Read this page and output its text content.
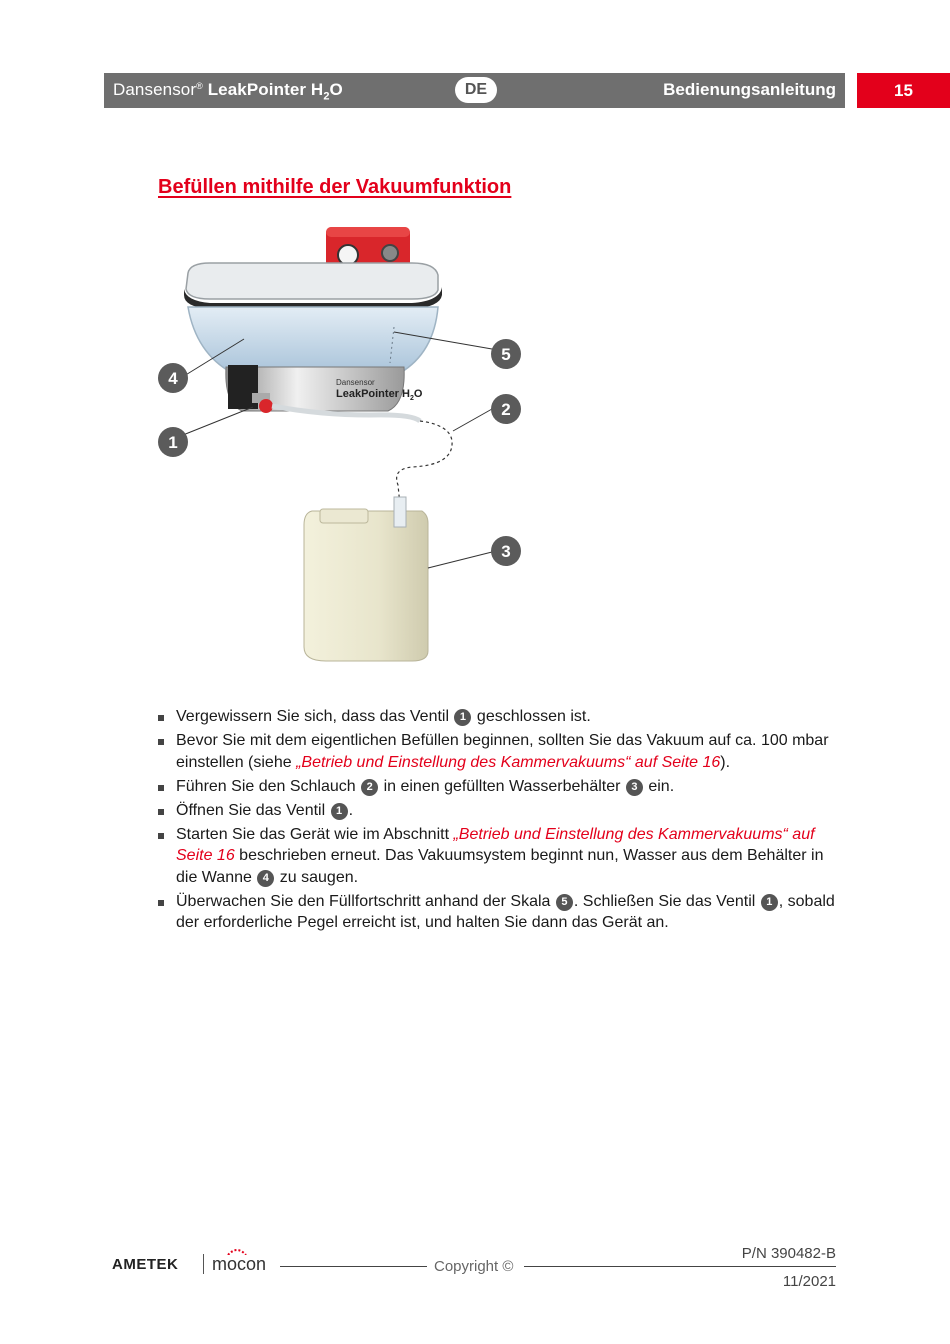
Dansensor® LeakPointer $H_2O$	DE	Bedienungsanleitung	15
Befüllen mithilfe der Vakuumfunktion
Dansensor
LeakPointer $H_2O$
1
2
3
4
5
Vergewissern Sie sich, dass das Ventil 1 geschlossen ist.
Bevor Sie mit dem eigentlichen Befüllen beginnen, sollten Sie das Vakuum auf ca. 100 mbar einstellen (siehe „Betrieb und Einstellung des Kammervakuums“ auf Seite 16).
Führen Sie den Schlauch 2 in einen gefüllten Wasserbehälter 3 ein.
Öffnen Sie das Ventil 1 .
Starten Sie das Gerät wie im Abschnitt „Betrieb und Einstellung des Kammervakuums“ auf Seite 16 beschrieben erneut. Das Vakuumsystem beginnt nun, Wasser aus dem Behälter in die Wanne 4 zu saugen.
Überwachen Sie den Füllfortschritt anhand der Skala 5 . Schließen Sie das Ventil 1 , sobald der erforderliche Pegel erreicht ist, und halten Sie dann das Gerät an.
P/N 390482-B
AMETEK mocon	Copyright ©
11/2021
